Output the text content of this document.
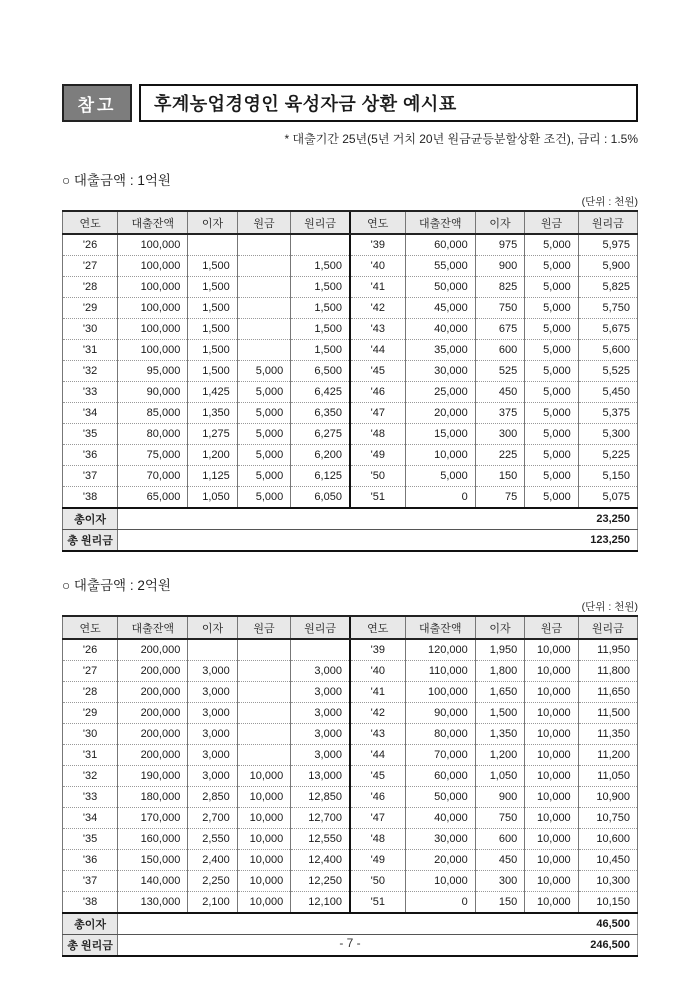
참고	후계농업경영인 육성자금 상환 예시표
* 대출기간 25년(5년 거치 20년 원금균등분할상환 조건), 금리 : 1.5%
○ 대출금액 : 1억원
(단위 : 천원)
연도	대출잔액	이자	원금	원리금	연도	대출잔액	이자	원금	원리금
'26	100,000				'39	60,000	975	5,000	5,975
'27	100,000	1,500		1,500	'40	55,000	900	5,000	5,900
'28	100,000	1,500		1,500	'41	50,000	825	5,000	5,825
'29	100,000	1,500		1,500	'42	45,000	750	5,000	5,750
'30	100,000	1,500		1,500	'43	40,000	675	5,000	5,675
'31	100,000	1,500		1,500	'44	35,000	600	5,000	5,600
'32	95,000	1,500	5,000	6,500	'45	30,000	525	5,000	5,525
'33	90,000	1,425	5,000	6,425	'46	25,000	450	5,000	5,450
'34	85,000	1,350	5,000	6,350	'47	20,000	375	5,000	5,375
'35	80,000	1,275	5,000	6,275	'48	15,000	300	5,000	5,300
'36	75,000	1,200	5,000	6,200	'49	10,000	225	5,000	5,225
'37	70,000	1,125	5,000	6,125	'50	5,000	150	5,000	5,150
'38	65,000	1,050	5,000	6,050	'51	0	75	5,000	5,075
총이자	23,250								
총 원리금	123,250								
○ 대출금액 : 2억원
(단위 : 천원)
연도	대출잔액	이자	원금	원리금	연도	대출잔액	이자	원금	원리금
'26	200,000				'39	120,000	1,950	10,000	11,950
'27	200,000	3,000		3,000	'40	110,000	1,800	10,000	11,800
'28	200,000	3,000		3,000	'41	100,000	1,650	10,000	11,650
'29	200,000	3,000		3,000	'42	90,000	1,500	10,000	11,500
'30	200,000	3,000		3,000	'43	80,000	1,350	10,000	11,350
'31	200,000	3,000		3,000	'44	70,000	1,200	10,000	11,200
'32	190,000	3,000	10,000	13,000	'45	60,000	1,050	10,000	11,050
'33	180,000	2,850	10,000	12,850	'46	50,000	900	10,000	10,900
'34	170,000	2,700	10,000	12,700	'47	40,000	750	10,000	10,750
'35	160,000	2,550	10,000	12,550	'48	30,000	600	10,000	10,600
'36	150,000	2,400	10,000	12,400	'49	20,000	450	10,000	10,450
'37	140,000	2,250	10,000	12,250	'50	10,000	300	10,000	10,300
'38	130,000	2,100	10,000	12,100	'51	0	150	10,000	10,150
총이자	46,500								
총 원리금	246,500								
- 7 -
